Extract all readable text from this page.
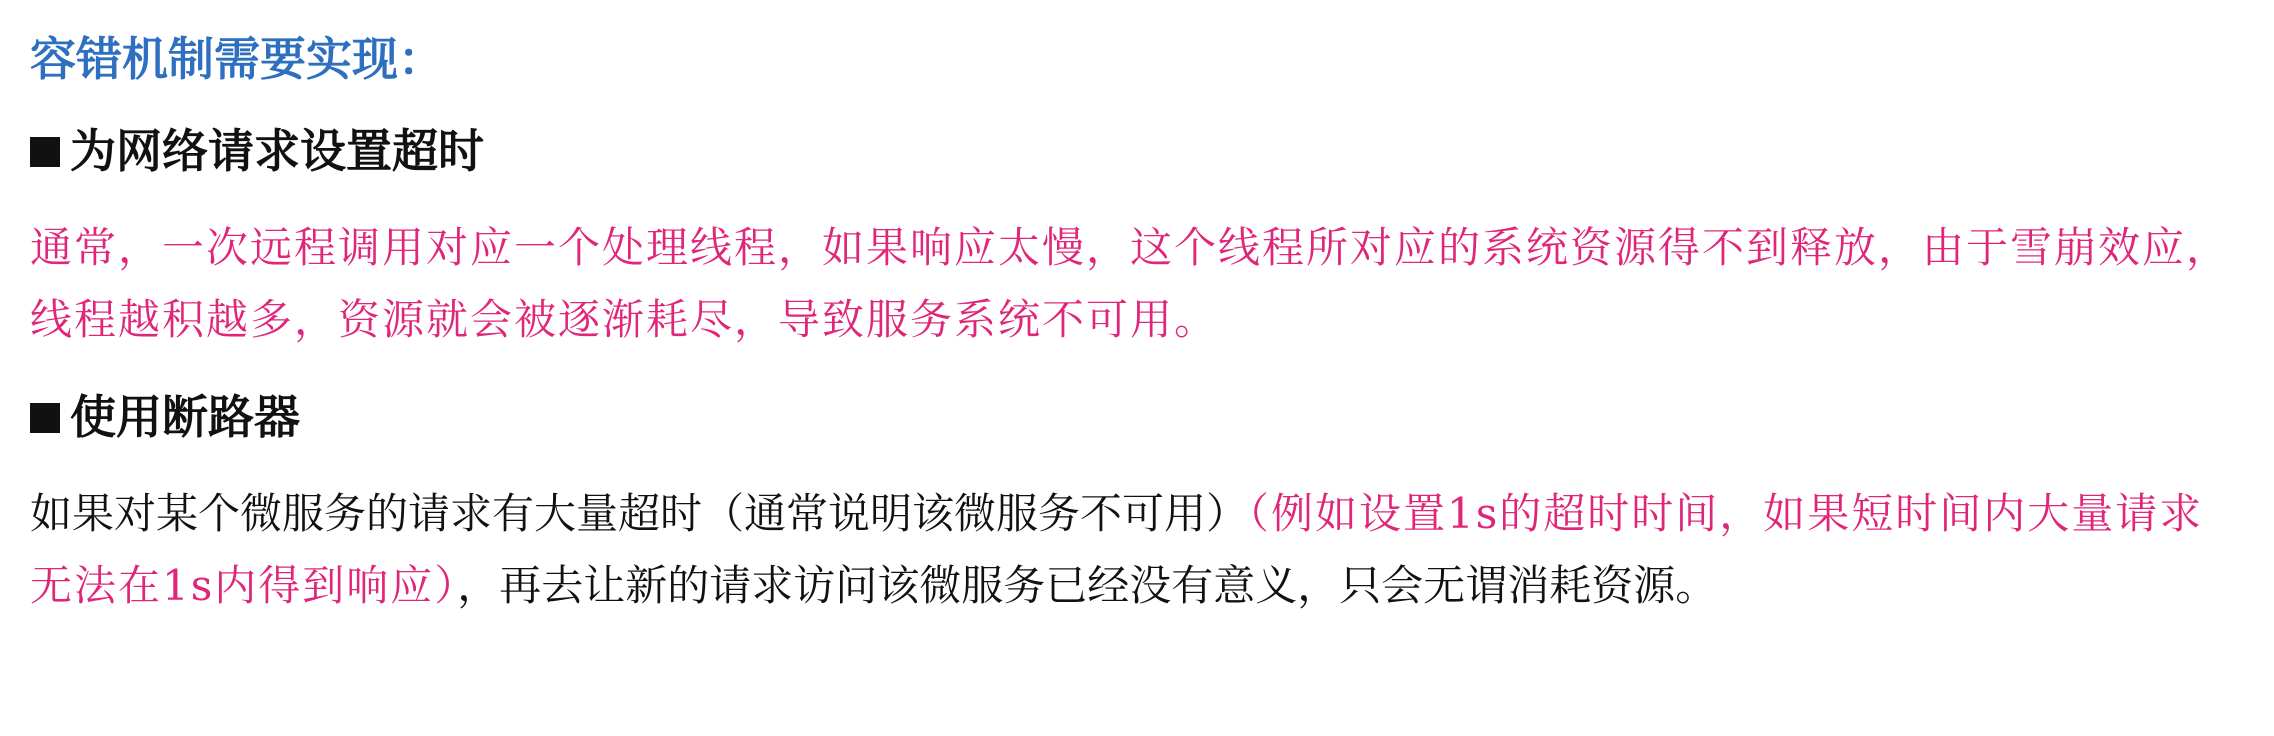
容错机制需要实现：
为网络请求设置超时

通常，一次远程调用对应一个处理线程，如果响应太慢，这个线程所对应的系统资源得不到释放，由于雪崩效应，线程越积越多，资源就会被逐渐耗尽，导致服务系统不可用。

使用断路器

如果对某个微服务的请求有大量超时（通常说明该微服务不可用）（例如设置1s的超时时间，如果短时间内大量请求无法在1s内得到响应），再去让新的请求访问该微服务已经没有意义，只会无谓消耗资源。
